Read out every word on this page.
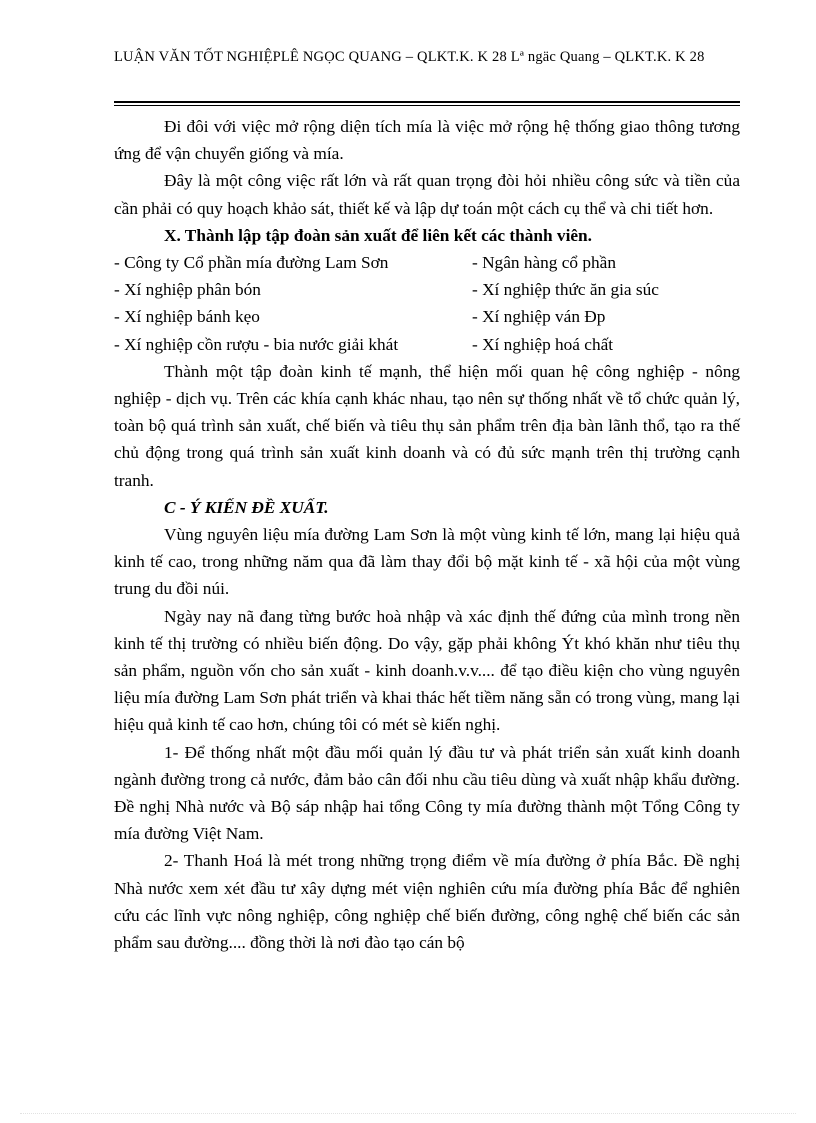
LUẬN VĂN TỐT NGHIỆPLÊ NGỌC QUANG – QLKT.K. K 28 Lª ngäc Quang – QLKT.K. K 28

Đi đôi với việc mở rộng diện tích mía là việc mở rộng hệ thống giao thông tương ứng để vận chuyển giống và mía.

Đây là một công việc rất lớn và rất quan trọng đòi hỏi nhiều công sức và tiền của cần phải có quy hoạch khảo sát, thiết kế và lập dự toán một cách cụ thể và chi tiết hơn.

X. Thành lập tập đoàn sản xuất để liên kết các thành viên.

- Công ty Cổ phần mía đường Lam Sơn	- Ngân hàng cổ phần
- Xí nghiệp phân bón	- Xí nghiệp thức ăn gia súc
- Xí nghiệp bánh kẹo	- Xí nghiệp ván Đp
- Xí nghiệp cồn rượu - bia nước giải khát	- Xí nghiệp hoá chất

Thành một tập đoàn kinh tế mạnh, thể hiện mối quan hệ công nghiệp - nông nghiệp - dịch vụ. Trên các khía cạnh khác nhau, tạo nên sự thống nhất về tổ chức quản lý, toàn bộ quá trình sản xuất, chế biến và tiêu thụ sản phẩm trên địa bàn lãnh thổ, tạo ra thế chủ động trong quá trình sản xuất kinh doanh và có đủ sức mạnh trên thị trường cạnh tranh.

C - Ý KIẾN ĐỀ XUẤT.

Vùng nguyên liệu mía đường Lam Sơn là một vùng kinh tế lớn, mang lại hiệu quả kinh tế cao, trong những năm qua đã làm thay đổi bộ mặt kinh tế - xã hội của một vùng trung du đồi núi.

Ngày nay nã đang từng bước hoà nhập và xác định thế đứng của mình trong nền kinh tế thị trường có nhiều biến động. Do vậy, gặp phải không Ýt khó khăn như tiêu thụ sản phẩm, nguồn vốn cho sản xuất - kinh doanh.v.v.... để tạo điều kiện cho vùng nguyên liệu mía đường Lam Sơn phát triển và khai thác hết tiềm năng sẵn có trong vùng, mang lại hiệu quả kinh tế cao hơn, chúng tôi có mét sè kiến nghị.

1- Để thống nhất một đầu mối quản lý đầu tư và phát triển sản xuất kinh doanh ngành đường trong cả nước, đảm bảo cân đối nhu cầu tiêu dùng và xuất nhập khẩu đường. Đề nghị Nhà nước và Bộ sáp nhập hai tổng Công ty mía đường thành một Tổng Công ty mía đường Việt Nam.

2- Thanh Hoá là mét trong những trọng điểm về mía đường ở phía Bắc. Đề nghị Nhà nước xem xét đầu tư xây dựng mét viện nghiên cứu mía đường phía Bắc để nghiên cứu các lĩnh vực nông nghiệp, công nghiệp chế biến đường, công nghệ chế biến các sản phẩm sau đường.... đồng thời là nơi đào tạo cán bộ
